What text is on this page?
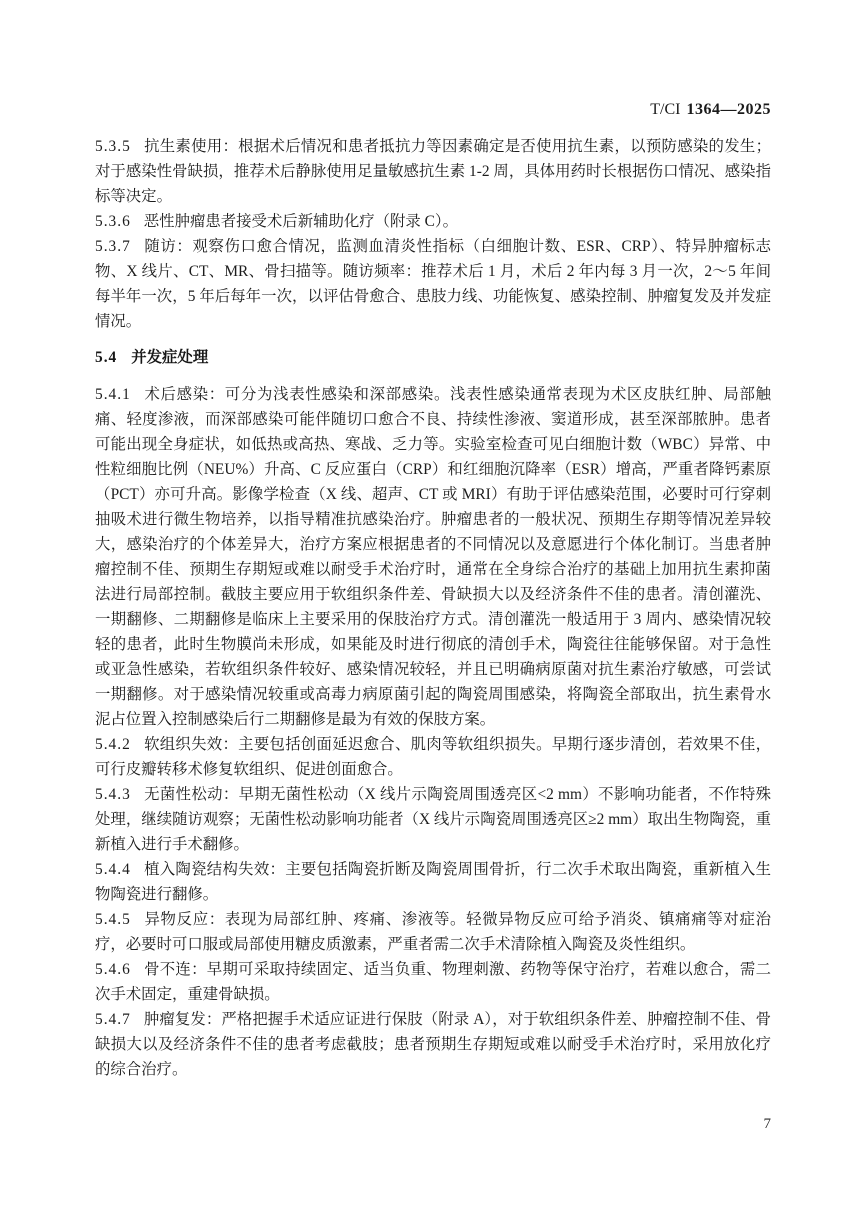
T/CI 1364—2025

5.3.5 抗生素使用：根据术后情况和患者抵抗力等因素确定是否使用抗生素，以预防感染的发生；对于感染性骨缺损，推荐术后静脉使用足量敏感抗生素 1-2 周，具体用药时长根据伤口情况、感染指标等决定。

5.3.6 恶性肿瘤患者接受术后新辅助化疗（附录 C）。

5.3.7 随访：观察伤口愈合情况，监测血清炎性指标（白细胞计数、ESR、CRP）、特异肿瘤标志物、X 线片、CT、MR、骨扫描等。随访频率：推荐术后 1 月，术后 2 年内每 3 月一次，2～5 年间每半年一次，5 年后每年一次，以评估骨愈合、患肢力线、功能恢复、感染控制、肿瘤复发及并发症情况。

5.4 并发症处理

5.4.1 术后感染：可分为浅表性感染和深部感染。浅表性感染通常表现为术区皮肤红肿、局部触痛、轻度渗液，而深部感染可能伴随切口愈合不良、持续性渗液、窦道形成，甚至深部脓肿。患者可能出现全身症状，如低热或高热、寒战、乏力等。实验室检查可见白细胞计数（WBC）异常、中性粒细胞比例（NEU%）升高、C 反应蛋白（CRP）和红细胞沉降率（ESR）增高，严重者降钙素原（PCT）亦可升高。影像学检查（X 线、超声、CT 或 MRI）有助于评估感染范围，必要时可行穿刺抽吸术进行微生物培养，以指导精准抗感染治疗。肿瘤患者的一般状况、预期生存期等情况差异较大，感染治疗的个体差异大，治疗方案应根据患者的不同情况以及意愿进行个体化制订。当患者肿瘤控制不佳、预期生存期短或难以耐受手术治疗时，通常在全身综合治疗的基础上加用抗生素抑菌法进行局部控制。截肢主要应用于软组织条件差、骨缺损大以及经济条件不佳的患者。清创灌洗、一期翻修、二期翻修是临床上主要采用的保肢治疗方式。清创灌洗一般适用于 3 周内、感染情况较轻的患者，此时生物膜尚未形成，如果能及时进行彻底的清创手术，陶瓷往往能够保留。对于急性或亚急性感染，若软组织条件较好、感染情况较轻，并且已明确病原菌对抗生素治疗敏感，可尝试一期翻修。对于感染情况较重或高毒力病原菌引起的陶瓷周围感染，将陶瓷全部取出，抗生素骨水泥占位置入控制感染后行二期翻修是最为有效的保肢方案。

5.4.2 软组织失效：主要包括创面延迟愈合、肌肉等软组织损失。早期行逐步清创，若效果不佳，可行皮瓣转移术修复软组织、促进创面愈合。

5.4.3 无菌性松动：早期无菌性松动（X 线片示陶瓷周围透亮区<2 mm）不影响功能者，不作特殊处理，继续随访观察；无菌性松动影响功能者（X 线片示陶瓷周围透亮区≥2 mm）取出生物陶瓷，重新植入进行手术翻修。

5.4.4 植入陶瓷结构失效：主要包括陶瓷折断及陶瓷周围骨折，行二次手术取出陶瓷，重新植入生物陶瓷进行翻修。

5.4.5 异物反应：表现为局部红肿、疼痛、渗液等。轻微异物反应可给予消炎、镇痛痛等对症治疗，必要时可口服或局部使用糖皮质激素，严重者需二次手术清除植入陶瓷及炎性组织。

5.4.6 骨不连：早期可采取持续固定、适当负重、物理刺激、药物等保守治疗，若难以愈合，需二次手术固定，重建骨缺损。

5.4.7 肿瘤复发：严格把握手术适应证进行保肢（附录 A），对于软组织条件差、肿瘤控制不佳、骨缺损大以及经济条件不佳的患者考虑截肢；患者预期生存期短或难以耐受手术治疗时，采用放化疗的综合治疗。

7
